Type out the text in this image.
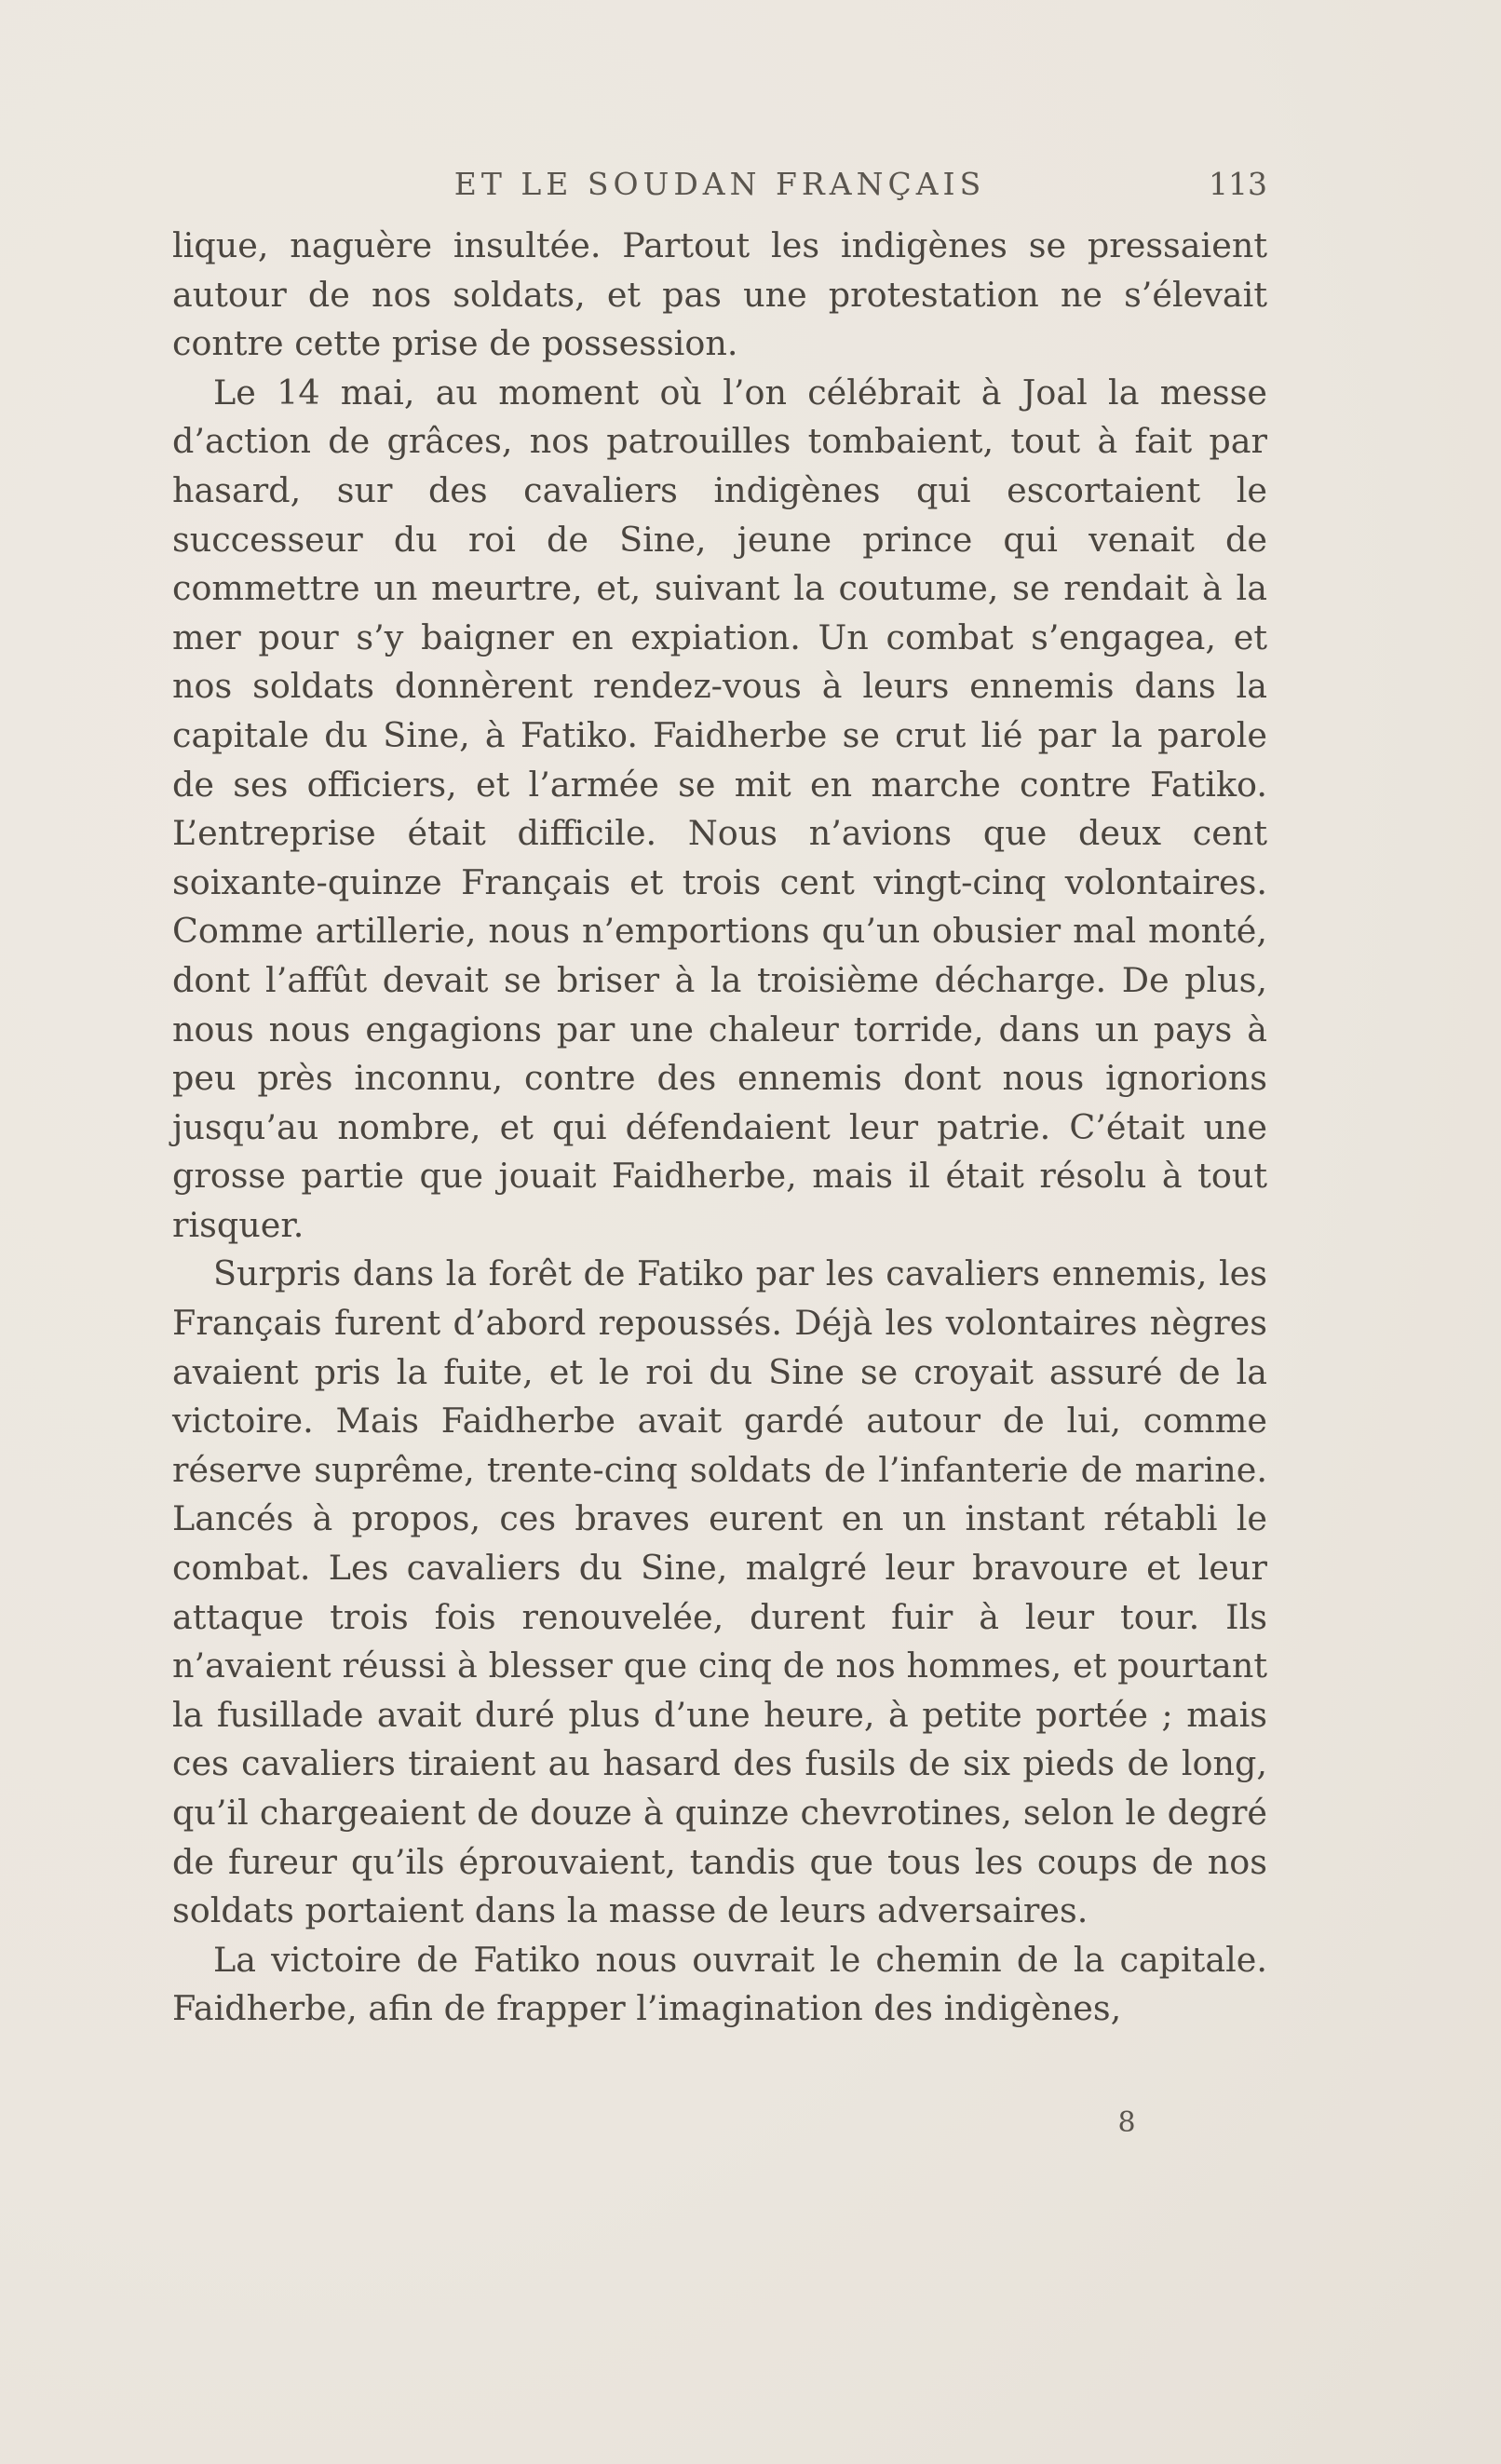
ET LE SOUDAN FRANÇAIS	113

lique, naguère insultée. Partout les indigènes se pressaient autour de nos soldats, et pas une protestation ne s’élevait contre cette prise de possession.

Le 14 mai, au moment où l’on célébrait à Joal la messe d’action de grâces, nos patrouilles tombaient, tout à fait par hasard, sur des cavaliers indigènes qui escortaient le successeur du roi de Sine, jeune prince qui venait de commettre un meurtre, et, suivant la coutume, se rendait à la mer pour s’y baigner en expiation. Un combat s’engagea, et nos soldats donnèrent rendez-vous à leurs ennemis dans la capitale du Sine, à Fatiko. Faidherbe se crut lié par la parole de ses officiers, et l’armée se mit en marche contre Fatiko. L’entreprise était difficile. Nous n’avions que deux cent soixante-quinze Français et trois cent vingt-cinq volontaires. Comme artillerie, nous n’emportions qu’un obusier mal monté, dont l’affût devait se briser à la troisième décharge. De plus, nous nous engagions par une chaleur torride, dans un pays à peu près inconnu, contre des ennemis dont nous ignorions jusqu’au nombre, et qui défendaient leur patrie. C’était une grosse partie que jouait Faidherbe, mais il était résolu à tout risquer.

Surpris dans la forêt de Fatiko par les cavaliers ennemis, les Français furent d’abord repoussés. Déjà les volontaires nègres avaient pris la fuite, et le roi du Sine se croyait assuré de la victoire. Mais Faidherbe avait gardé autour de lui, comme réserve suprême, trente-cinq soldats de l’infanterie de marine. Lancés à propos, ces braves eurent en un instant rétabli le combat. Les cavaliers du Sine, malgré leur bravoure et leur attaque trois fois renouvelée, durent fuir à leur tour. Ils n’avaient réussi à blesser que cinq de nos hommes, et pourtant la fusillade avait duré plus d’une heure, à petite portée ; mais ces cavaliers tiraient au hasard des fusils de six pieds de long, qu’il chargeaient de douze à quinze chevrotines, selon le degré de fureur qu’ils éprouvaient, tandis que tous les coups de nos soldats portaient dans la masse de leurs adversaires.

La victoire de Fatiko nous ouvrait le chemin de la capitale. Faidherbe, afin de frapper l’imagination des indigènes,

8
